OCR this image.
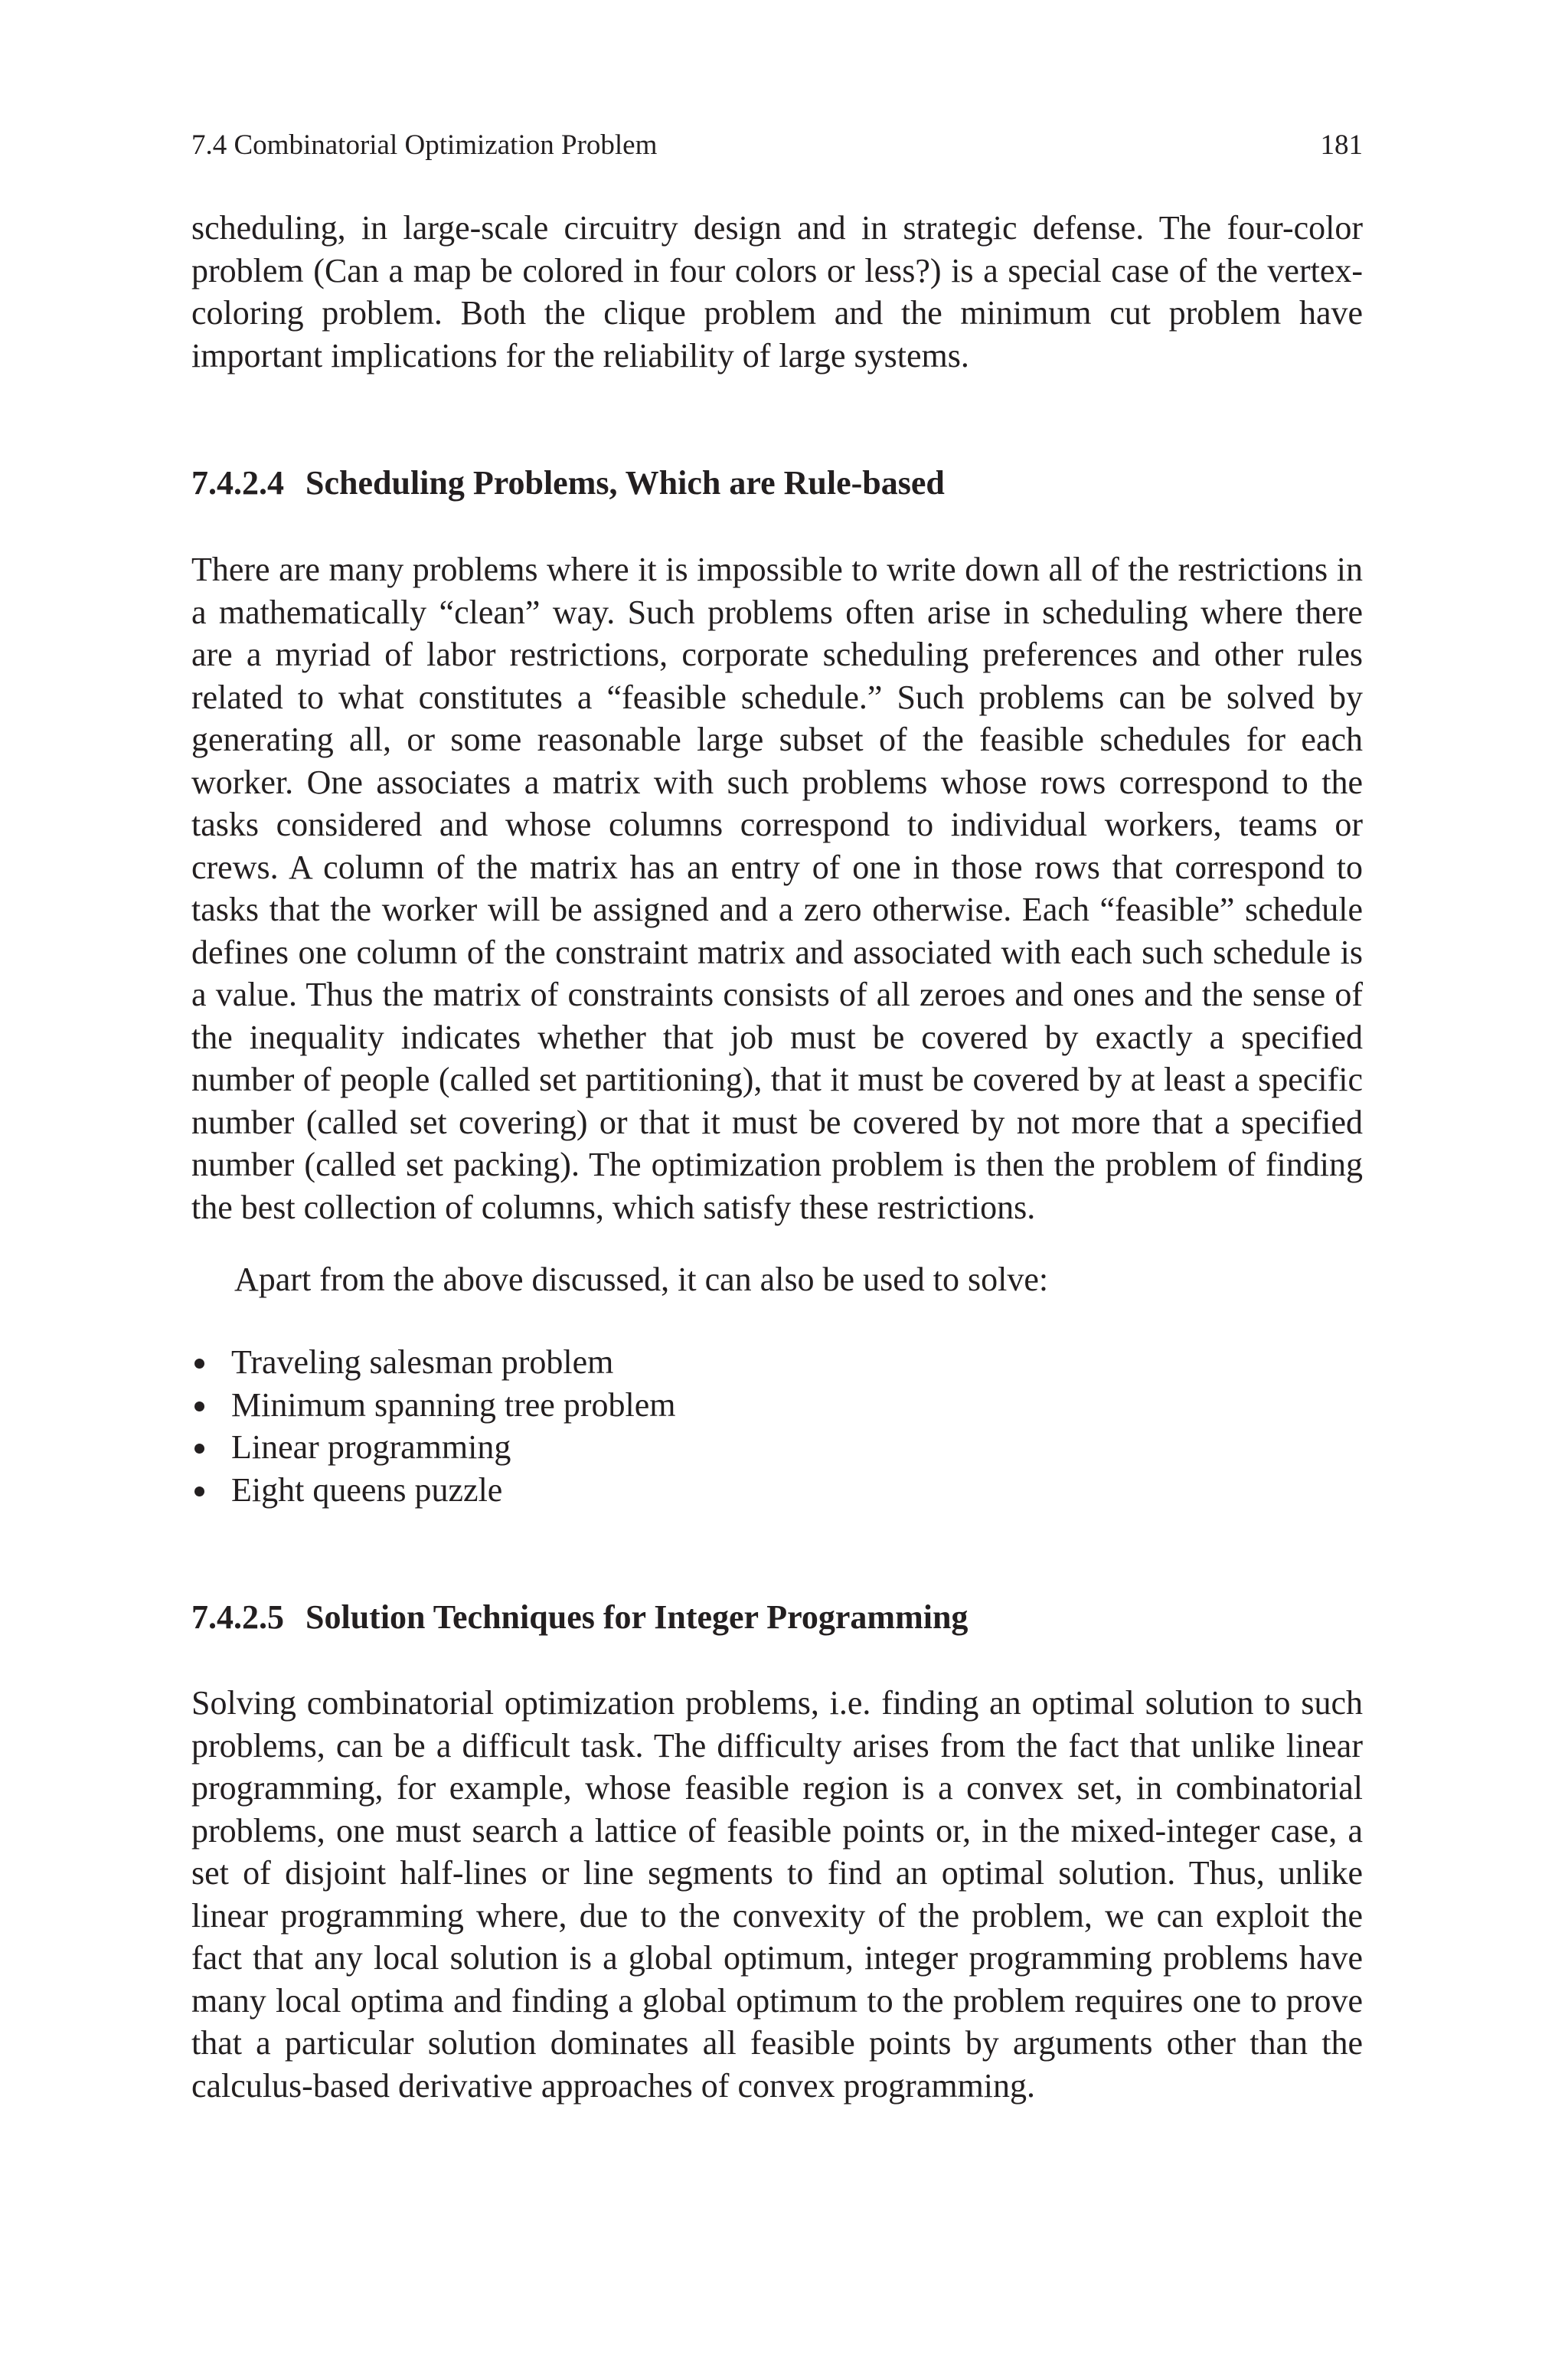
7.4 Combinatorial Optimization Problem	181

scheduling, in large-scale circuitry design and in strategic defense. The four-color problem (Can a map be colored in four colors or less?) is a special case of the vertex-coloring problem. Both the clique problem and the minimum cut problem have important implications for the reliability of large systems.

7.4.2.4 Scheduling Problems, Which are Rule-based

There are many problems where it is impossible to write down all of the restrictions in a mathematically “clean” way. Such problems often arise in scheduling where there are a myriad of labor restrictions, corporate scheduling preferences and other rules related to what constitutes a “feasible schedule.” Such problems can be solved by generating all, or some reasonable large subset of the feasible schedules for each worker. One associates a matrix with such problems whose rows correspond to the tasks considered and whose columns correspond to individual workers, teams or crews. A column of the matrix has an entry of one in those rows that correspond to tasks that the worker will be assigned and a zero otherwise. Each “feasible” schedule defines one column of the constraint matrix and associated with each such schedule is a value. Thus the matrix of constraints consists of all zeroes and ones and the sense of the inequality indicates whether that job must be covered by exactly a specified number of people (called set partitioning), that it must be covered by at least a specific number (called set covering) or that it must be covered by not more that a specified number (called set packing). The optimization problem is then the problem of finding the best collection of columns, which satisfy these restrictions.

Apart from the above discussed, it can also be used to solve:

Traveling salesman problem
Minimum spanning tree problem
Linear programming
Eight queens puzzle
7.4.2.5 Solution Techniques for Integer Programming

Solving combinatorial optimization problems, i.e. finding an optimal solution to such problems, can be a difficult task. The difficulty arises from the fact that unlike linear programming, for example, whose feasible region is a convex set, in combinatorial problems, one must search a lattice of feasible points or, in the mixed-integer case, a set of disjoint half-lines or line segments to find an optimal solution. Thus, unlike linear programming where, due to the convexity of the problem, we can exploit the fact that any local solution is a global optimum, integer programming problems have many local optima and finding a global optimum to the problem requires one to prove that a particular solution dominates all feasible points by arguments other than the calculus-based derivative approaches of convex programming.
